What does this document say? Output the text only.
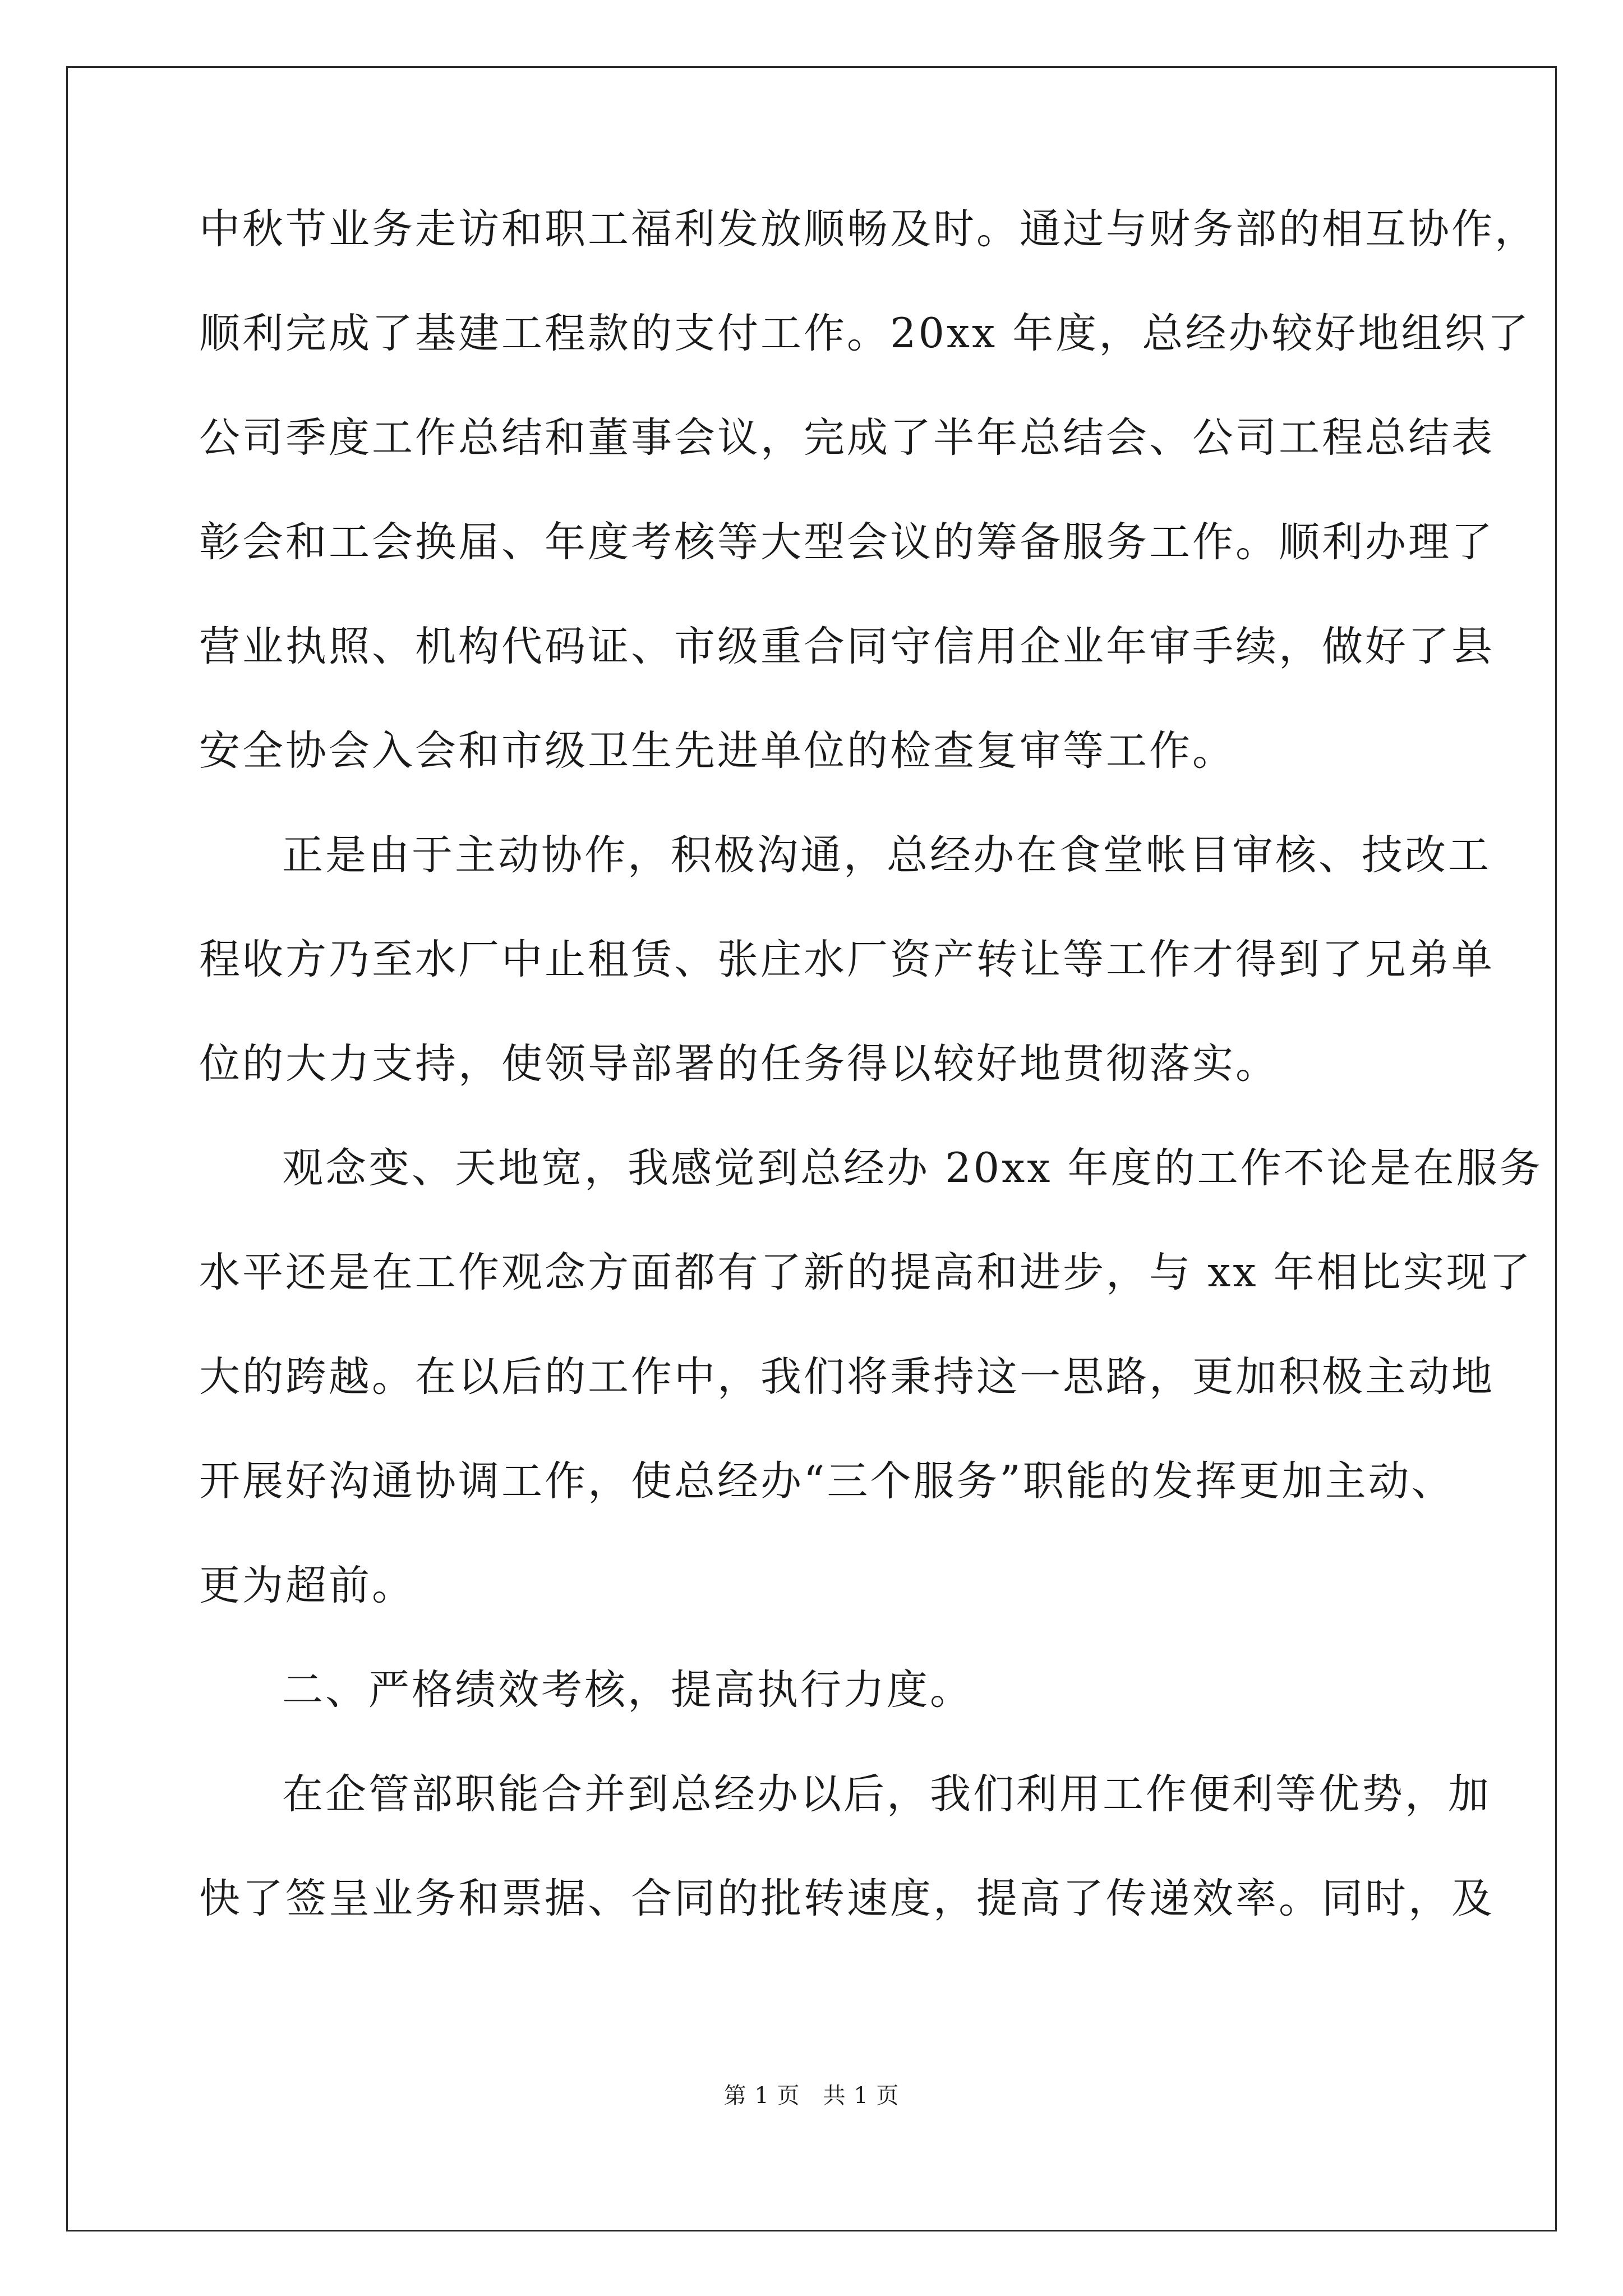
中秋节业务走访和职工福利发放顺畅及时。通过与财务部的相互协作，
顺利完成了基建工程款的支付工作。20xx 年度，总经办较好地组织了
公司季度工作总结和董事会议，完成了半年总结会、公司工程总结表
彰会和工会换届、年度考核等大型会议的筹备服务工作。顺利办理了
营业执照、机构代码证、市级重合同守信用企业年审手续，做好了县
安全协会入会和市级卫生先进单位的检查复审等工作。
正是由于主动协作，积极沟通，总经办在食堂帐目审核、技改工
程收方乃至水厂中止租赁、张庄水厂资产转让等工作才得到了兄弟单
位的大力支持，使领导部署的任务得以较好地贯彻落实。
观念变、天地宽，我感觉到总经办 20xx 年度的工作不论是在服务
水平还是在工作观念方面都有了新的提高和进步，与 xx 年相比实现了
大的跨越。在以后的工作中，我们将秉持这一思路，更加积极主动地
开展好沟通协调工作，使总经办“三个服务”职能的发挥更加主动、
更为超前。
二、严格绩效考核，提高执行力度。
在企管部职能合并到总经办以后，我们利用工作便利等优势，加
快了签呈业务和票据、合同的批转速度，提高了传递效率。同时，及
第 1 页　共 1 页
